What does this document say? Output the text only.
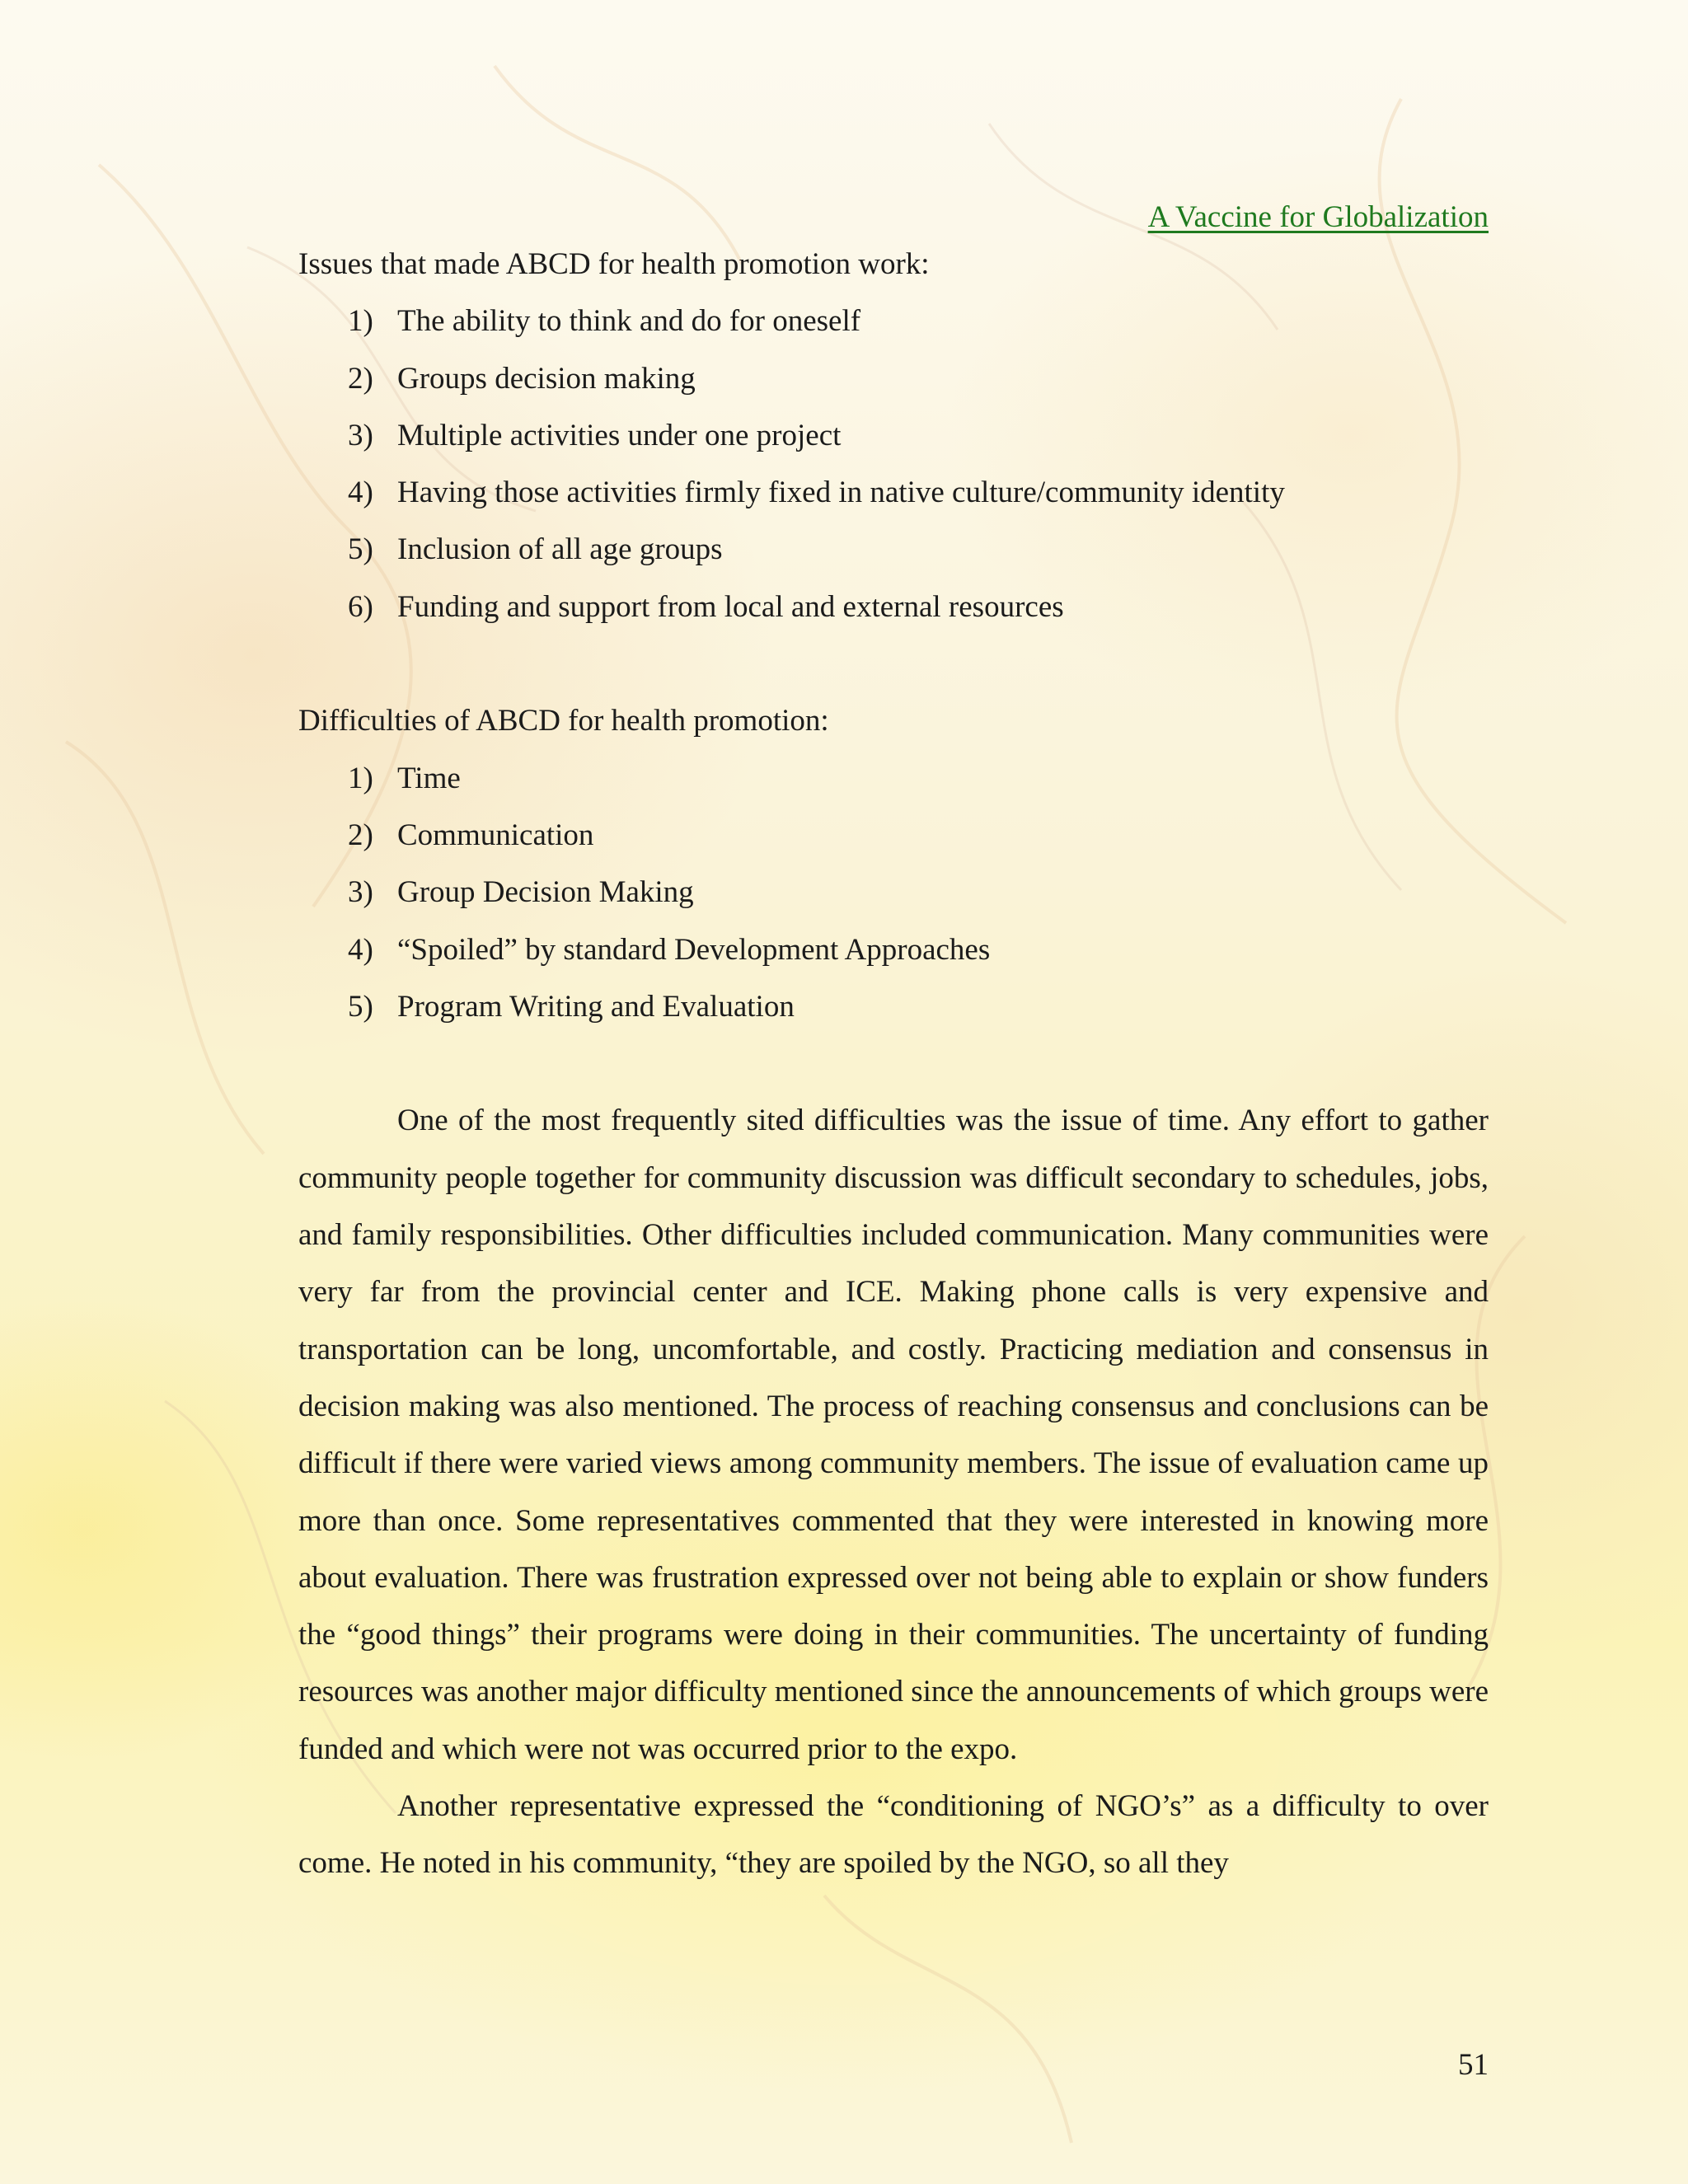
A Vaccine for Globalization

Issues that made ABCD for health promotion work:

1) The ability to think and do for oneself
2) Groups decision making
3) Multiple activities under one project
4) Having those activities firmly fixed in native culture/community identity
5) Inclusion of all age groups
6) Funding and support from local and external resources

Difficulties of ABCD for health promotion:

1) Time
2) Communication
3) Group Decision Making
4) “Spoiled” by standard Development Approaches
5) Program Writing and Evaluation

One of the most frequently sited difficulties was the issue of time. Any effort to gather community people together for community discussion was difficult secondary to schedules, jobs, and family responsibilities. Other difficulties included communication. Many communities were very far from the provincial center and ICE. Making phone calls is very expensive and transportation can be long, uncomfortable, and costly. Practicing mediation and consensus in decision making was also mentioned. The process of reaching consensus and conclusions can be difficult if there were varied views among community members. The issue of evaluation came up more than once. Some representatives commented that they were interested in knowing more about evaluation. There was frustration expressed over not being able to explain or show funders the “good things” their programs were doing in their communities. The uncertainty of funding resources was another major difficulty mentioned since the announcements of which groups were funded and which were not was occurred prior to the expo.

Another representative expressed the “conditioning of NGO’s” as a difficulty to over come. He noted in his community, “they are spoiled by the NGO, so all they

51
